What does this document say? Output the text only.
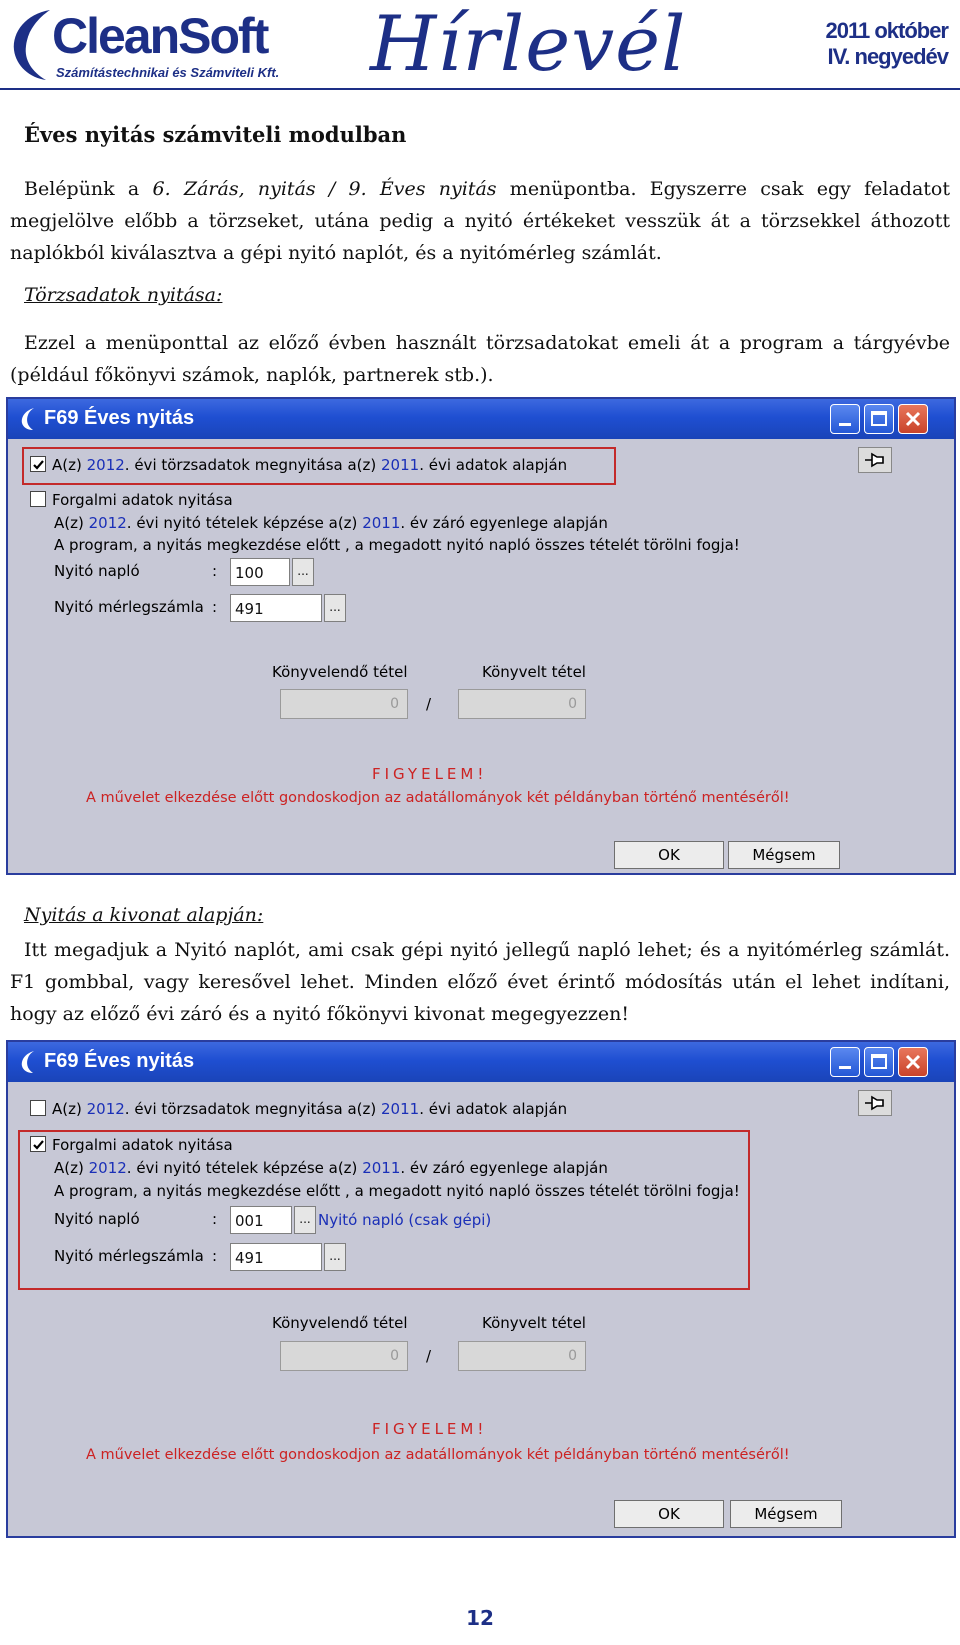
CleanSoft
Számítástechnikai és Számviteli Kft. Hírlevél	2011 október
IV. negyedév
Éves nyitás számviteli modulban
Belépünk a 6. Zárás, nyitás / 9. Éves nyitás menüpontba. Egyszerre csak egy feladatot megjelölve előbb a törzseket, utána pedig a nyitó értékeket vesszük át a törzsekkel áthozott naplókból kiválasztva a gépi nyitó naplót, és a nyitómérleg számlát.
Törzsadatok nyitása:
Ezzel a menüponttal az előző évben használt törzsadatokat emeli át a program a tárgyévbe (például főkönyvi számok, naplók, partnerek stb.).
F69 Éves nyitás
A(z) 2012. évi törzsadatok megnyitása a(z) 2011. évi adatok alapján
Forgalmi adatok nyitása
A(z) 2012. évi nyitó tételek képzése a(z) 2011. év záró egyenlege alapján
A program, a nyitás megkezdése előtt , a megadott nyitó napló összes tételét törölni fogja!
Nyitó napló	:	100	...
Nyitó mérlegszámla :	491	...
Könyvelendő tétel	Könyvelt tétel
0	/	0
FIGYELEM!
A művelet elkezdése előtt gondoskodjon az adatállományok két példányban történő mentéséről!
OK	Mégsem
Nyitás a kivonat alapján:
Itt megadjuk a Nyitó naplót, ami csak gépi nyitó jellegű napló lehet; és a nyitómérleg számlát. F1 gombbal, vagy keresővel lehet. Minden előző évet érintő módosítás után el lehet indítani, hogy az előző évi záró és a nyitó főkönyvi kivonat megegyezzen!
F69 Éves nyitás
A(z) 2012. évi törzsadatok megnyitása a(z) 2011. évi adatok alapján
Forgalmi adatok nyitása
A(z) 2012. évi nyitó tételek képzése a(z) 2011. év záró egyenlege alapján
A program, a nyitás megkezdése előtt , a megadott nyitó napló összes tételét törölni fogja!
Nyitó napló	:	001	... Nyitó napló (csak gépi)
Nyitó mérlegszámla :	491	...
Könyvelendő tétel	Könyvelt tétel
0	/	0
FIGYELEM!
A művelet elkezdése előtt gondoskodjon az adatállományok két példányban történő mentéséről!
OK	Mégsem
12
